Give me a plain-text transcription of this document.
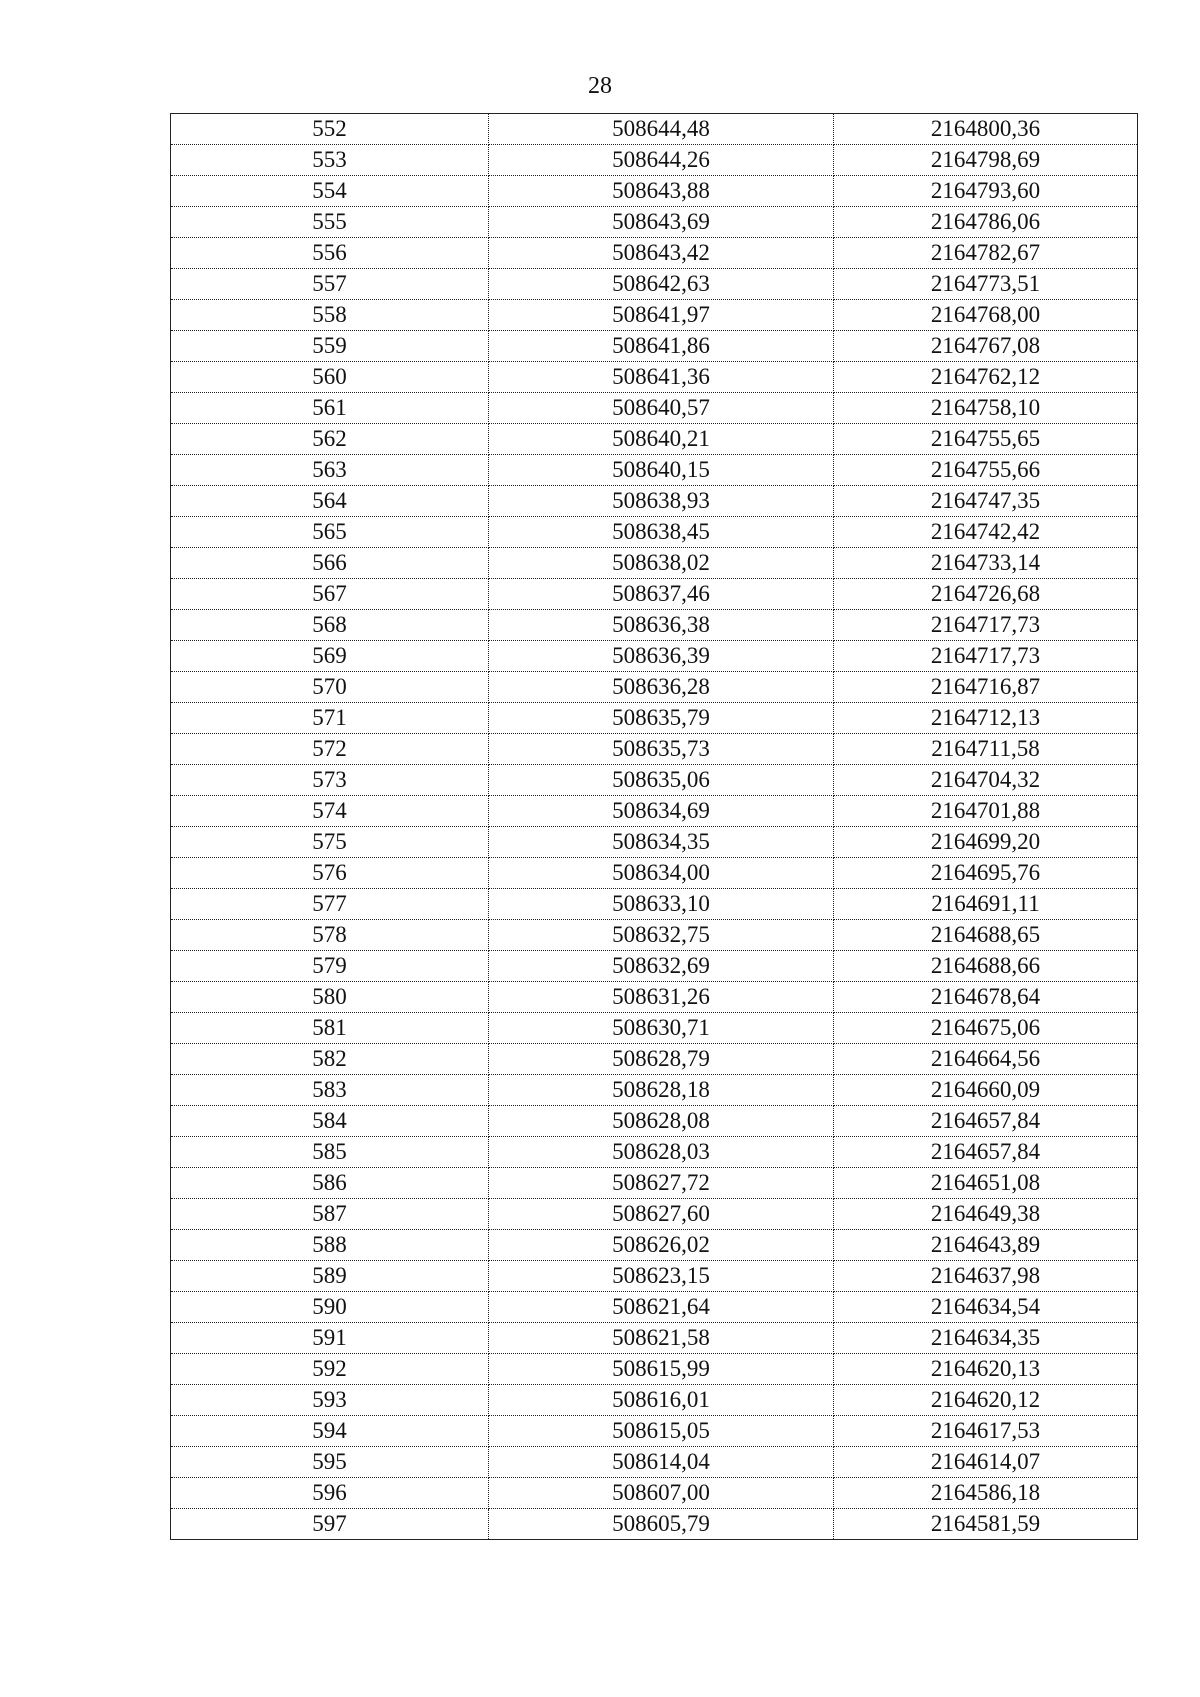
28
552	508644,48	2164800,36
553	508644,26	2164798,69
554	508643,88	2164793,60
555	508643,69	2164786,06
556	508643,42	2164782,67
557	508642,63	2164773,51
558	508641,97	2164768,00
559	508641,86	2164767,08
560	508641,36	2164762,12
561	508640,57	2164758,10
562	508640,21	2164755,65
563	508640,15	2164755,66
564	508638,93	2164747,35
565	508638,45	2164742,42
566	508638,02	2164733,14
567	508637,46	2164726,68
568	508636,38	2164717,73
569	508636,39	2164717,73
570	508636,28	2164716,87
571	508635,79	2164712,13
572	508635,73	2164711,58
573	508635,06	2164704,32
574	508634,69	2164701,88
575	508634,35	2164699,20
576	508634,00	2164695,76
577	508633,10	2164691,11
578	508632,75	2164688,65
579	508632,69	2164688,66
580	508631,26	2164678,64
581	508630,71	2164675,06
582	508628,79	2164664,56
583	508628,18	2164660,09
584	508628,08	2164657,84
585	508628,03	2164657,84
586	508627,72	2164651,08
587	508627,60	2164649,38
588	508626,02	2164643,89
589	508623,15	2164637,98
590	508621,64	2164634,54
591	508621,58	2164634,35
592	508615,99	2164620,13
593	508616,01	2164620,12
594	508615,05	2164617,53
595	508614,04	2164614,07
596	508607,00	2164586,18
597	508605,79	2164581,59
